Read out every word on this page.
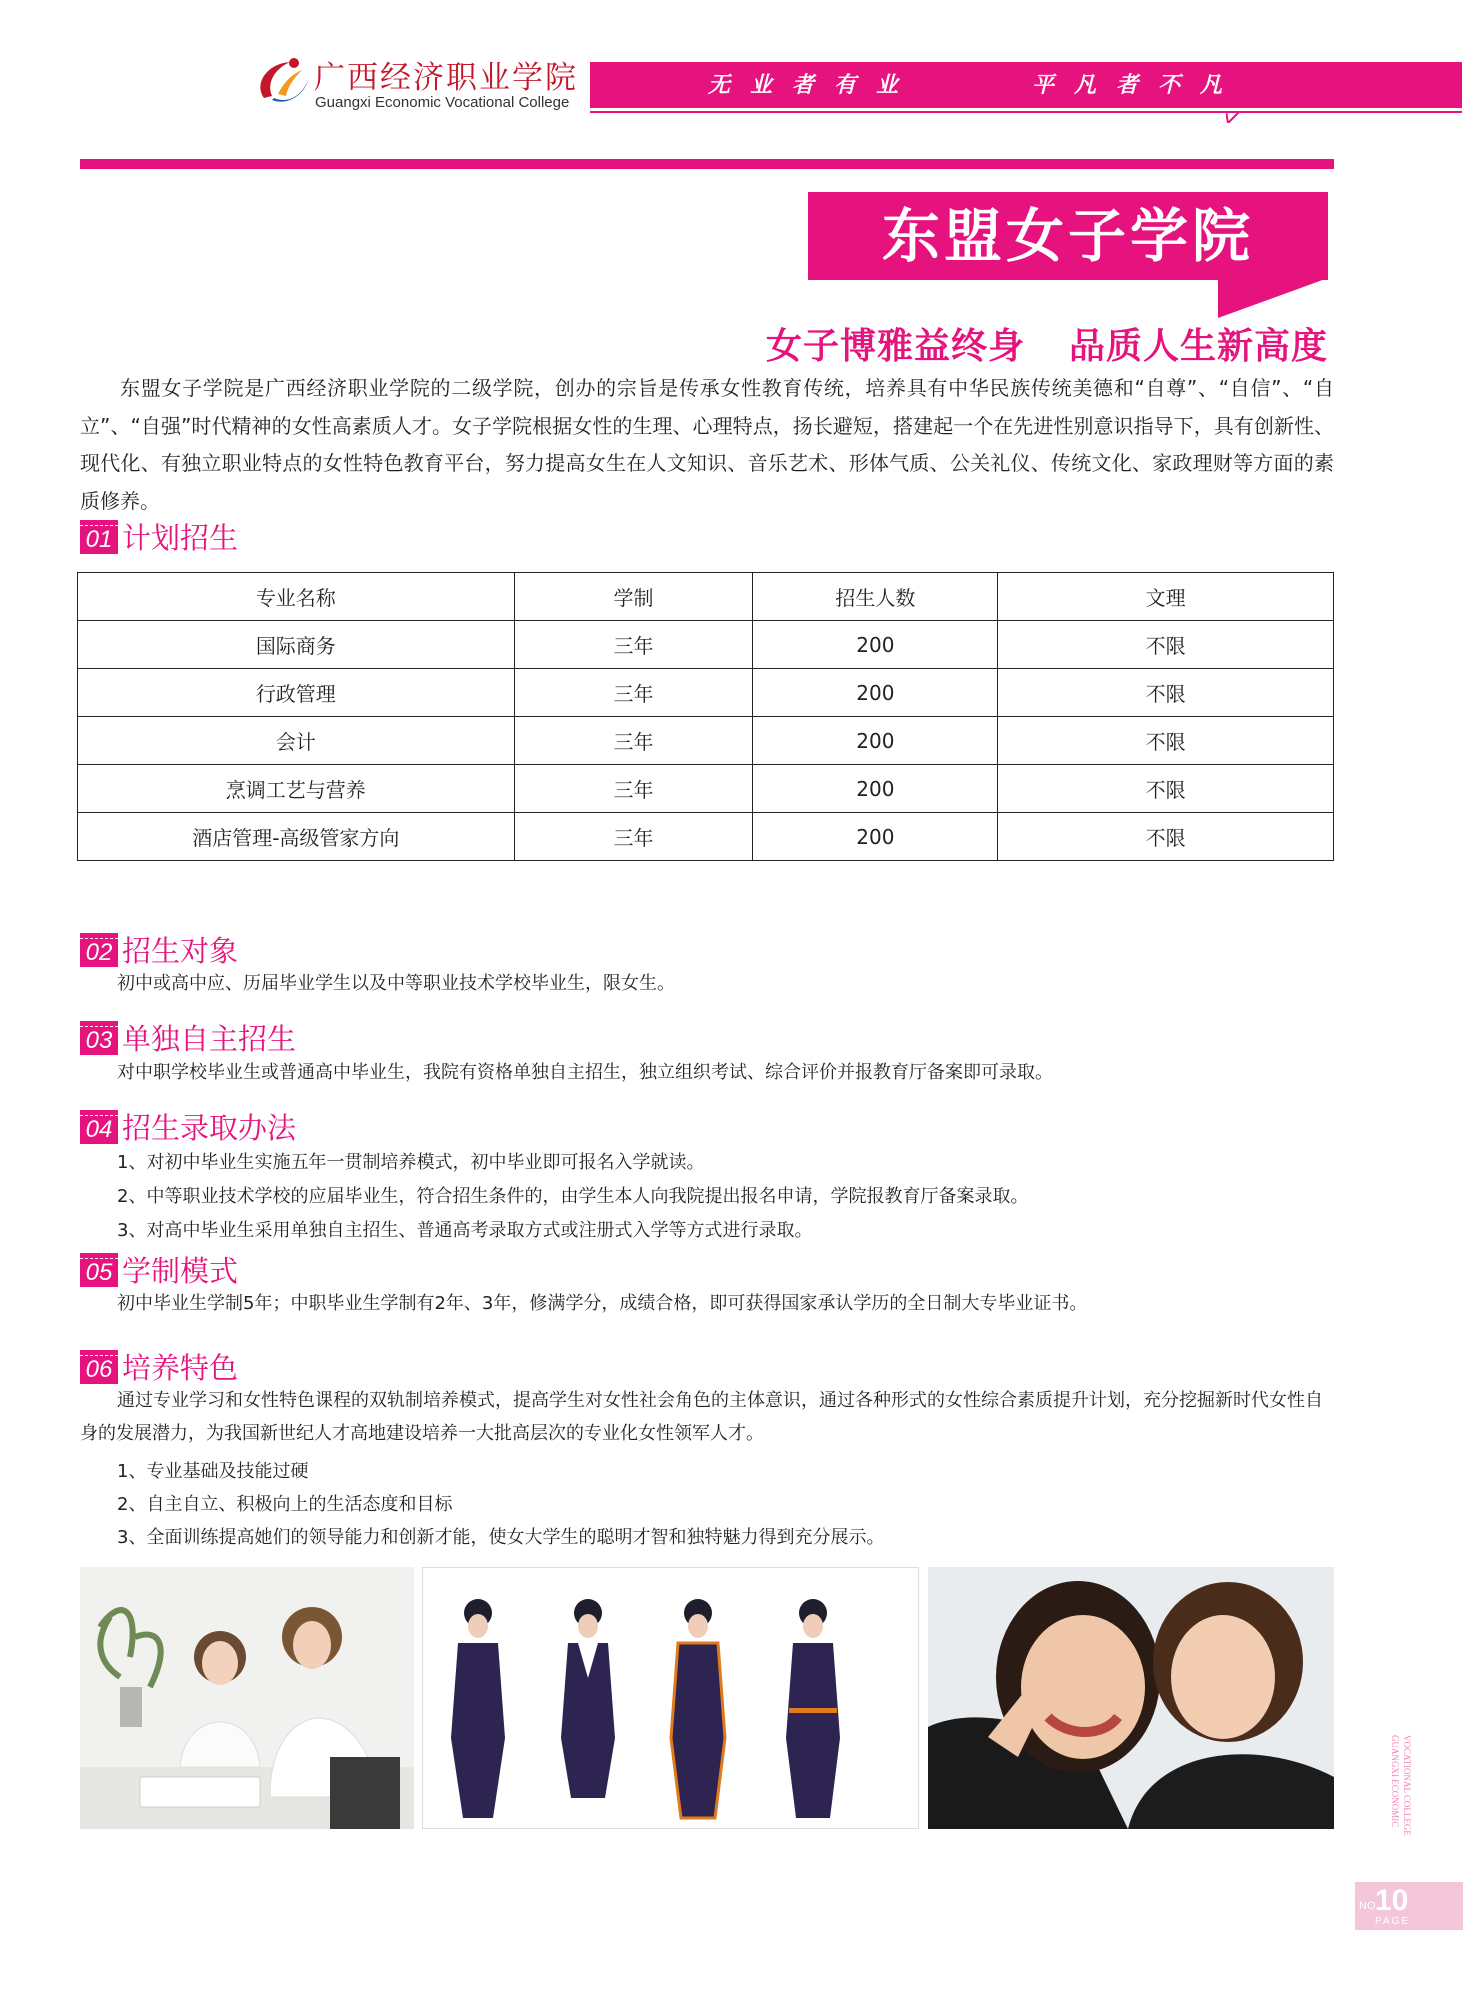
广西经济职业学院
Guangxi Economic Vocational College
无业者有业	平凡者不凡
东盟女子学院
女子博雅益终身 品质人生新高度

东盟女子学院是广西经济职业学院的二级学院，创办的宗旨是传承女性教育传统，培养具有中华民族传统美德和“自尊”、“自信”、“自立”、“自强”时代精神的女性高素质人才。女子学院根据女性的生理、心理特点，扬长避短，搭建起一个在先进性别意识指导下，具有创新性、现代化、有独立职业特点的女性特色教育平台，努力提高女生在人文知识、音乐艺术、形体气质、公关礼仪、传统文化、家政理财等方面的素质修养。

01 计划招生
专业名称	学制	招生人数	文理
国际商务	三年	200	不限
行政管理	三年	200	不限
会计	三年	200	不限
烹调工艺与营养	三年	200	不限
酒店管理-高级管家方向	三年	200	不限
02 招生对象

初中或高中应、历届毕业学生以及中等职业技术学校毕业生，限女生。

03 单独自主招生

对中职学校毕业生或普通高中毕业生，我院有资格单独自主招生，独立组织考试、综合评价并报教育厅备案即可录取。

04 招生录取办法
1、对初中毕业生实施五年一贯制培养模式，初中毕业即可报名入学就读。
2、中等职业技术学校的应届毕业生，符合招生条件的，由学生本人向我院提出报名申请，学院报教育厅备案录取。
3、对高中毕业生采用单独自主招生、普通高考录取方式或注册式入学等方式进行录取。
05 学制模式

初中毕业生学制5年；中职毕业生学制有2年、3年，修满学分，成绩合格，即可获得国家承认学历的全日制大专毕业证书。

06 培养特色

通过专业学习和女性特色课程的双轨制培养模式，提高学生对女性社会角色的主体意识，通过各种形式的女性综合素质提升计划，充分挖掘新时代女性自身的发展潜力，为我国新世纪人才高地建设培养一大批高层次的专业化女性领军人才。

1、专业基础及技能过硬
2、自主自立、积极向上的生活态度和目标
3、全面训练提高她们的领导能力和创新才能，使女大学生的聪明才智和独特魅力得到充分展示。
GUANGXI ECONOMIC VOCATIONAL COLLEGE
NO.
10
PAGE
